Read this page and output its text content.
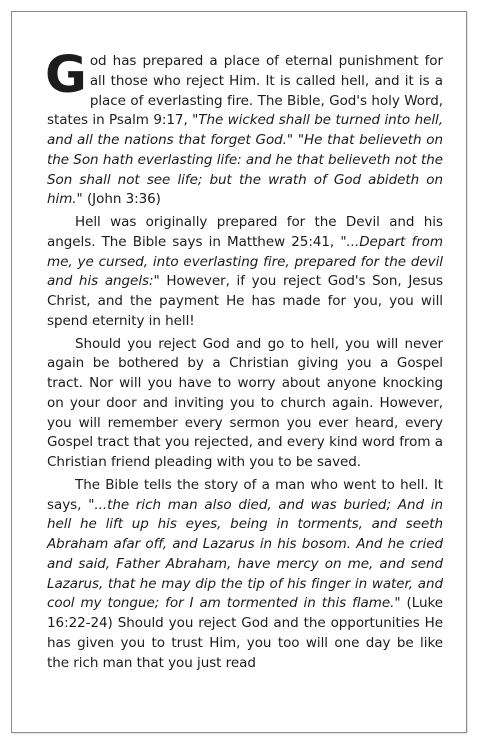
God has prepared a place of eternal punishment for all those who reject Him. It is called hell, and it is a place of everlasting fire. The Bible, God's holy Word, states in Psalm 9:17, "The wicked shall be turned into hell, and all the nations that forget God." "He that believeth on the Son hath everlasting life: and he that believeth not the Son shall not see life; but the wrath of God abideth on him." (John 3:36)

Hell was originally prepared for the Devil and his angels. The Bible says in Matthew 25:41, "...Depart from me, ye cursed, into everlasting fire, prepared for the devil and his angels:" However, if you reject God's Son, Jesus Christ, and the payment He has made for you, you will spend eternity in hell!

Should you reject God and go to hell, you will never again be bothered by a Christian giving you a Gospel tract. Nor will you have to worry about anyone knocking on your door and inviting you to church again. However, you will remember every sermon you ever heard, every Gospel tract that you rejected, and every kind word from a Christian friend pleading with you to be saved.

The Bible tells the story of a man who went to hell. It says, "...the rich man also died, and was buried; And in hell he lift up his eyes, being in torments, and seeth Abraham afar off, and Lazarus in his bosom. And he cried and said, Father Abraham, have mercy on me, and send Lazarus, that he may dip the tip of his finger in water, and cool my tongue; for I am tormented in this flame." (Luke 16:22-24) Should you reject God and the opportunities He has given you to trust Him, you too will one day be like the rich man that you just read
